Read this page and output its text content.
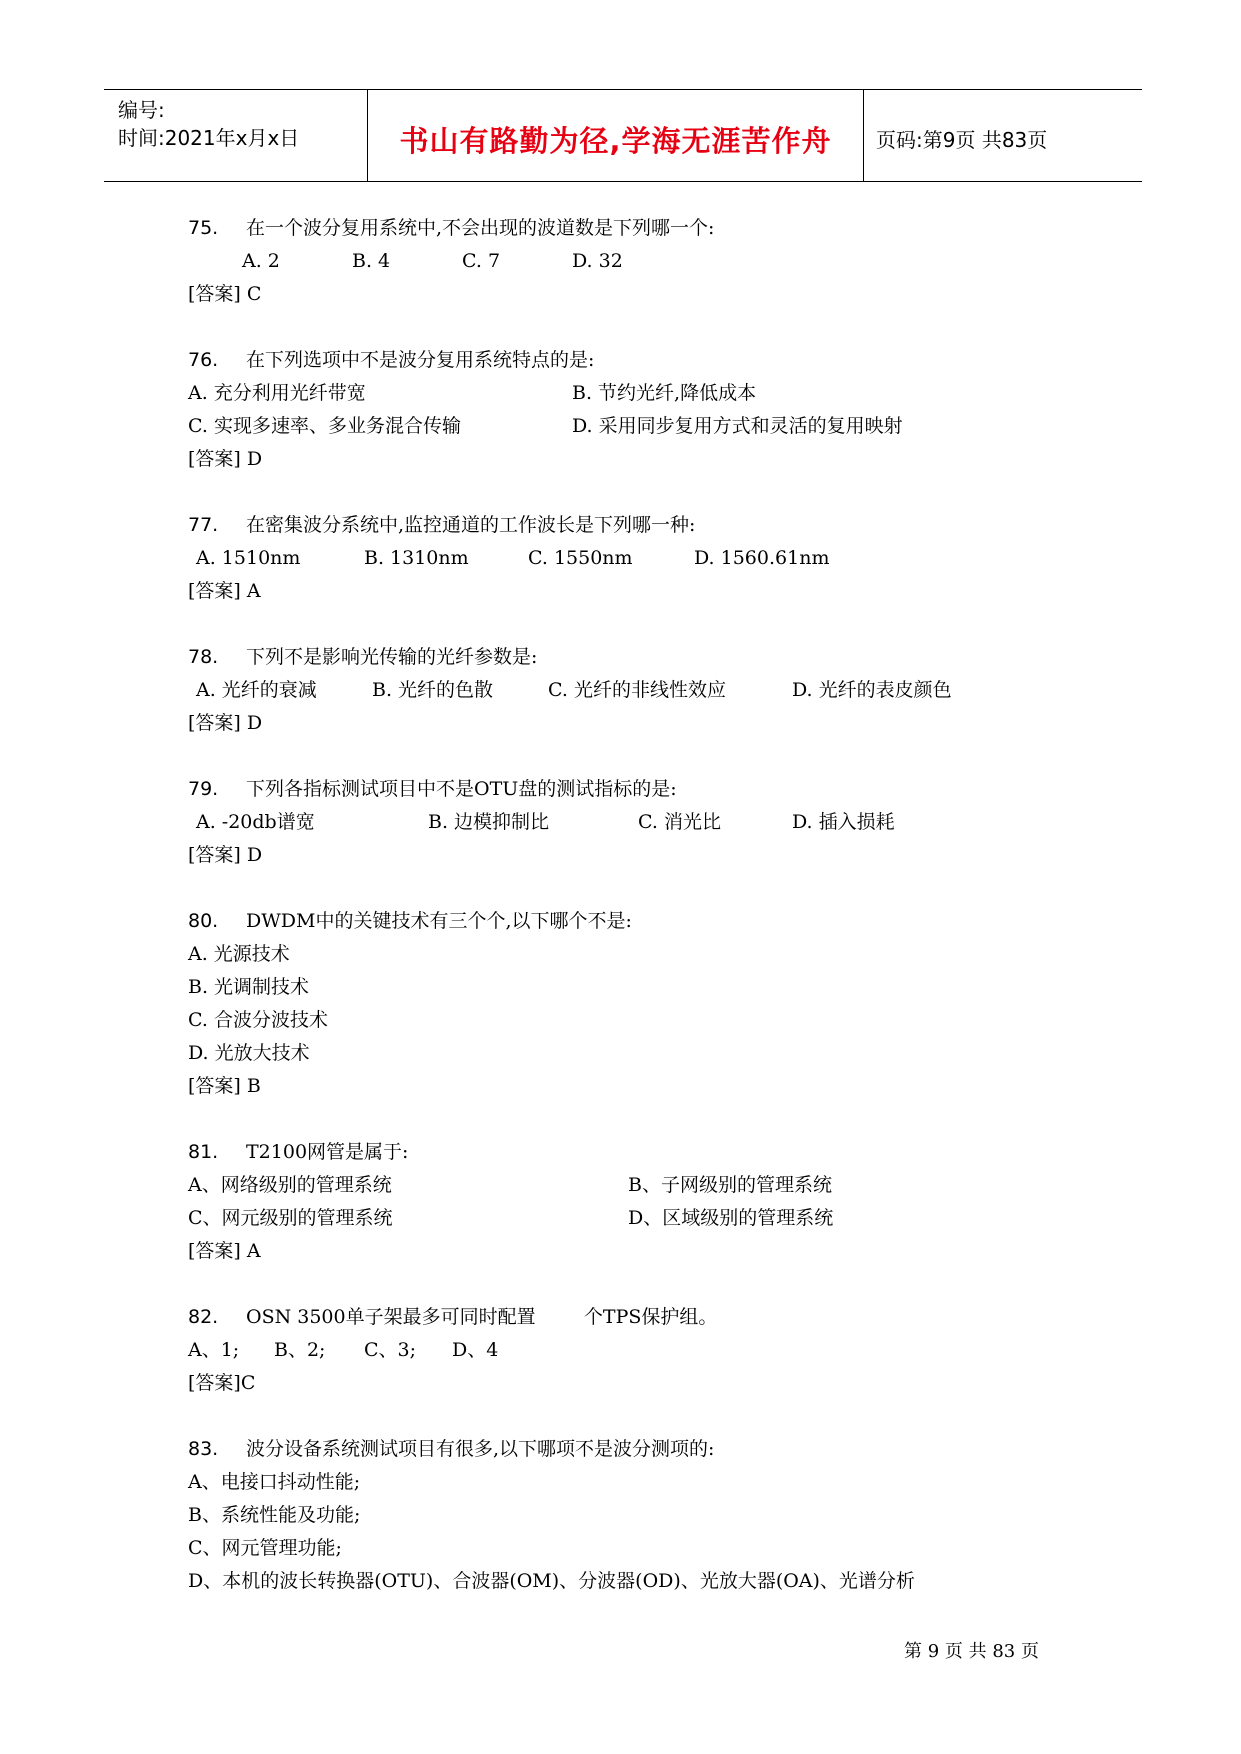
编号:
时间:2021年x月x日	书山有路勤为径,学海无涯苦作舟	页码:第9页 共83页
75. 在一个波分复用系统中,不会出现的波道数是下列哪一个:
A. 2	B. 4	C. 7	D. 32
[答案] C
76. 在下列选项中不是波分复用系统特点的是:
A. 充分利用光纤带宽	B. 节约光纤,降低成本
C. 实现多速率、多业务混合传输	D. 采用同步复用方式和灵活的复用映射
[答案] D
77. 在密集波分系统中,监控通道的工作波长是下列哪一种:
A. 1510nm	B. 1310nm	C. 1550nm	D. 1560.61nm
[答案] A
78. 下列不是影响光传输的光纤参数是:
A. 光纤的衰减	B. 光纤的色散	C. 光纤的非线性效应	D. 光纤的表皮颜色
[答案] D
79. 下列各指标测试项目中不是OTU盘的测试指标的是:
A. -20db谱宽	B. 边模抑制比	C. 消光比	D. 插入损耗
[答案] D
80. DWDM中的关键技术有三个个,以下哪个不是:
A. 光源技术
B. 光调制技术
C. 合波分波技术
D. 光放大技术
[答案] B
81. T2100网管是属于:
A、网络级别的管理系统	B、子网级别的管理系统
C、网元级别的管理系统	D、区域级别的管理系统
[答案] A
82. OSN 3500单子架最多可同时配置        个TPS保护组。
A、1; B、2; C、3; D、4
[答案]C
83. 波分设备系统测试项目有很多,以下哪项不是波分测项的:
A、电接口抖动性能;
B、系统性能及功能;
C、网元管理功能;
D、本机的波长转换器(OTU)、合波器(OM)、分波器(OD)、光放大器(OA)、光谱分析
第 9 页 共 83 页
